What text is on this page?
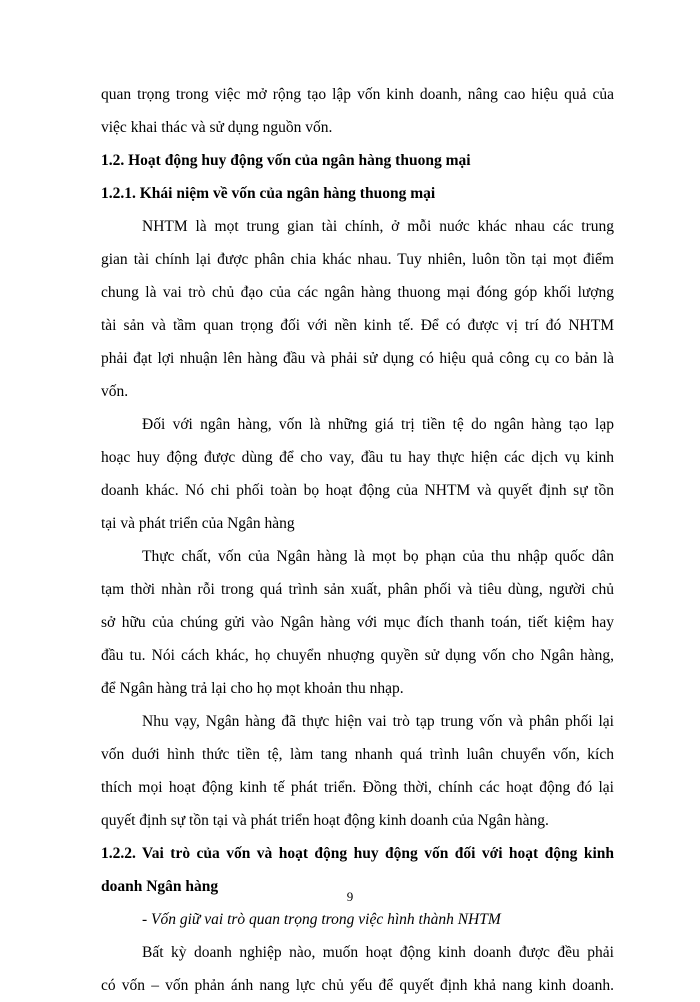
quan trọng trong việc mở rộng tạo lập vốn kinh doanh, nâng cao hiệu quả của
việc khai thác và sử dụng nguồn vốn.
1.2. Hoạt động huy động vốn của ngân hàng thuong mại
1.2.1. Khái niệm về vốn của ngân hàng thuong mại
NHTM là mọt trung gian tài chính, ở mỗi nuớc khác nhau các trung
gian tài chính lại được phân chia khác nhau. Tuy nhiên, luôn tồn tại mọt điểm
chung là vai trò chủ đạo của các ngân hàng thuong mại đóng góp khối lượng
tài sản và tầm quan trọng đối với nền kinh tế. Để có được vị trí đó NHTM
phải đạt lợi nhuận lên hàng đầu và phải sử dụng có hiệu quả công cụ co bản là
vốn.
Đối với ngân hàng, vốn là những giá trị tiền tệ do ngân hàng tạo lạp
hoạc huy động được dùng để cho vay, đầu tu hay thực hiện các dịch vụ kinh
doanh khác. Nó chi phối toàn bọ hoạt động của NHTM và quyết định sự tồn
tại và phát triển của Ngân hàng
Thực chất, vốn của Ngân hàng là mọt bọ phạn của thu nhập quốc dân
tạm thời nhàn rỗi trong quá trình sản xuất, phân phối và tiêu dùng, người chủ
sở hữu của chúng gửi vào Ngân hàng với mục đích thanh toán, tiết kiệm hay
đầu tu. Nói cách khác, họ chuyển nhuợng quyền sử dụng vốn cho Ngân hàng,
để Ngân hàng trả lại cho họ mọt khoản thu nhạp.
Nhu vạy, Ngân hàng đã thực hiện vai trò tạp trung vốn và phân phối lại
vốn duới hình thức tiền tệ, làm tang nhanh quá trình luân chuyển vốn, kích
thích mọi hoạt động kinh tế phát triển. Đồng thời, chính các hoạt động đó lại
quyết định sự tồn tại và phát triển hoạt động kinh doanh của Ngân hàng.
1.2.2. Vai trò của vốn và hoạt động huy động vốn đối với hoạt động kinh
doanh Ngân hàng
- Vốn giữ vai trò quan trọng trong việc hình thành NHTM
Bất kỳ doanh nghiệp nào, muốn hoạt động kinh doanh được đều phải
có vốn – vốn phản ánh nang lực chủ yếu để quyết định khả nang kinh doanh.
9
